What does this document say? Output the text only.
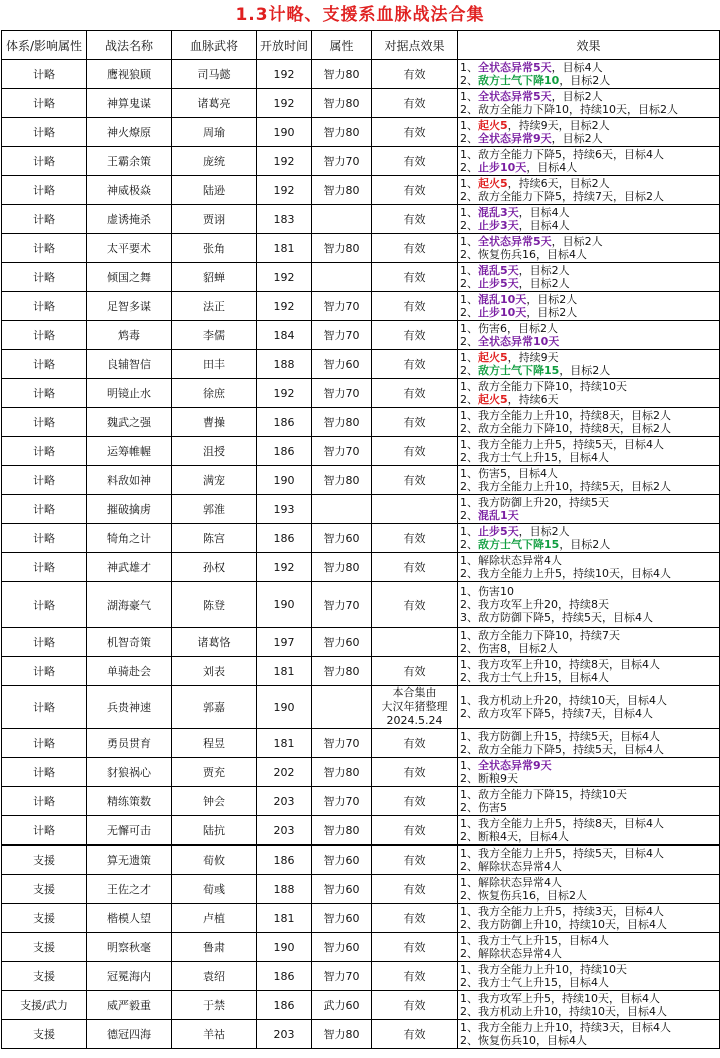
1.3计略、支援系血脉战法合集
体系/影响属性	战法名称	血脉武将	开放时间	属性	对据点效果	效果
计略	鹰视狼顾	司马懿	192	智力80	有效	1、全状态异常5天，目标4人
2、敌方士气下降10，目标2人

计略	神算鬼谋	诸葛亮	192	智力80	有效	1、全状态异常5天，目标2人
2、敌方全能力下降10，持续10天，目标2人

计略	神火燎原	周瑜	190	智力80	有效	1、起火5，持续9天，目标2人
2、全状态异常9天，目标2人

计略	王霸余策	庞统	192	智力70	有效	1、敌方全能力下降5，持续6天，目标4人
2、止步10天，目标4人

计略	神威极焱	陆逊	192	智力80	有效	1、起火5，持续6天，目标2人
2、敌方全能力下降5，持续7天，目标2人

计略	虚诱掩杀	贾诩	183		有效	1、混乱3天，目标4人
2、止步3天，目标4人

计略	太平要术	张角	181	智力80	有效	1、全状态异常5天，目标2人
2、恢复伤兵16，目标4人

计略	倾国之舞	貂蝉	192		有效	1、混乱5天，目标2人
2、止步5天，目标2人

计略	足智多谋	法正	192	智力70	有效	1、混乱10天，目标2人
2、止步10天，目标2人

计略	鸩毒	李儒	184	智力70	有效	1、伤害6，目标2人
2、全状态异常10天

计略	良辅智信	田丰	188	智力60	有效	1、起火5，持续9天
2、敌方士气下降15，目标2人

计略	明镜止水	徐庶	192	智力70	有效	1、敌方全能力下降10，持续10天
2、起火5，持续6天

计略	魏武之强	曹操	186	智力80	有效	1、我方全能力上升10，持续8天，目标2人
2、敌方全能力下降10，持续8天，目标2人

计略	运筹帷幄	沮授	186	智力70	有效	1、我方全能力上升5，持续5天，目标4人
2、我方士气上升15，目标4人

计略	料敌如神	满宠	190	智力80	有效	1、伤害5，目标4人
2、我方全能力上升10，持续5天，目标2人

计略	摧破擒虏	郭淮	193			1、我方防御上升20，持续5天
2、混乱1天

计略	犄角之计	陈宫	186	智力60	有效	1、止步5天，目标2人
2、敌方士气下降15，目标2人

计略	神武雄才	孙权	192	智力80	有效	1、解除状态异常4人
2、我方全能力上升5，持续10天，目标4人

计略	湖海豪气	陈登	190	智力70	有效	1、伤害10
2、我方攻军上升20，持续8天
3、敌方防御下降5，持续5天，目标4人

计略	机智奇策	诸葛恪	197	智力60		1、敌方全能力下降10，持续7天
2、伤害8，目标2人

计略	单骑赴会	刘表	181	智力80	有效	1、我方攻军上升10，持续8天，目标4人
2、我方士气上升15，目标4人

计略	兵贵神速	郭嘉	190		本合集由
大汉年猪整理
2024.5.24	1、我方机动上升20，持续10天，目标4人
2、敌方攻军下降5，持续7天，目标4人

计略	勇员贯育	程昱	181	智力70	有效	1、我方防御上升15，持续5天，目标4人
2、敌方全能力下降5，持续5天，目标4人

计略	豺狼祸心	贾充	202	智力80	有效	1、全状态异常9天
2、断粮9天

计略	精练策数	钟会	203	智力70	有效	1、敌方全能力下降15，持续10天
2、伤害5

计略	无懈可击	陆抗	203	智力80	有效	1、我方全能力上升5，持续8天，目标4人
2、断粮4天，目标4人

支援	算无遗策	荀攸	186	智力60	有效	1、我方全能力上升5，持续5天，目标4人
2、解除状态异常4人

支援	王佐之才	荀彧	188	智力60	有效	1、解除状态异常4人
2、恢复伤兵16，目标2人

支援	楷模人望	卢植	181	智力60	有效	1、我方全能力上升5，持续3天，目标4人
2、我方防御上升10，持续10天，目标4人

支援	明察秋毫	鲁肃	190	智力60	有效	1、我方士气上升15，目标4人
2、解除状态异常4人

支援	冠冕海内	袁绍	186	智力70	有效	1、我方全能力上升10，持续10天
2、我方士气上升15，目标4人

支援/武力	威严毅重	于禁	186	武力60	有效	1、我方攻军上升5，持续10天，目标4人
2、我方机动上升10，持续10天，目标4人

支援	德冠四海	羊祜	203	智力80	有效	1、我方全能力上升10，持续3天，目标4人
2、恢复伤兵10，目标4人
